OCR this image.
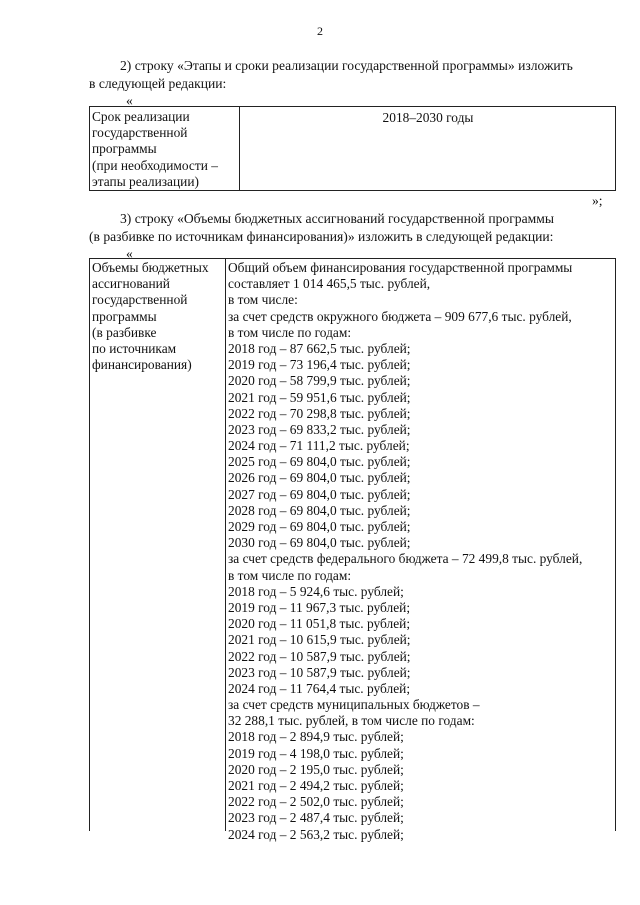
2
2) строку «Этапы и сроки реализации государственной программы» изложить
в следующей редакции:
«
Срок реализации
государственной
программы
(при необходимости –
этапы реализации)
2018–2030 годы
»;
3) строку «Объемы бюджетных ассигнований государственной программы
(в разбивке по источникам финансирования)» изложить в следующей редакции:
«
Объемы бюджетных
ассигнований
государственной
программы
(в разбивке
по источникам
финансирования)
Общий объем финансирования государственной программы
составляет 1 014 465,5 тыс. рублей,
в том числе:
за счет средств окружного бюджета – 909 677,6 тыс. рублей,
в том числе по годам:
2018 год – 87 662,5 тыс. рублей;
2019 год – 73 196,4 тыс. рублей;
2020 год – 58 799,9 тыс. рублей;
2021 год – 59 951,6 тыс. рублей;
2022 год – 70 298,8 тыс. рублей;
2023 год – 69 833,2 тыс. рублей;
2024 год – 71 111,2 тыс. рублей;
2025 год – 69 804,0 тыс. рублей;
2026 год – 69 804,0 тыс. рублей;
2027 год – 69 804,0 тыс. рублей;
2028 год – 69 804,0 тыс. рублей;
2029 год – 69 804,0 тыс. рублей;
2030 год – 69 804,0 тыс. рублей;
за счет средств федерального бюджета – 72 499,8 тыс. рублей,
в том числе по годам:
2018 год – 5 924,6 тыс. рублей;
2019 год – 11 967,3 тыс. рублей;
2020 год – 11 051,8 тыс. рублей;
2021 год – 10 615,9 тыс. рублей;
2022 год – 10 587,9 тыс. рублей;
2023 год – 10 587,9 тыс. рублей;
2024 год – 11 764,4 тыс. рублей;
за счет средств муниципальных бюджетов –
32 288,1 тыс. рублей, в том числе по годам:
2018 год – 2 894,9 тыс. рублей;
2019 год – 4 198,0 тыс. рублей;
2020 год – 2 195,0 тыс. рублей;
2021 год – 2 494,2 тыс. рублей;
2022 год – 2 502,0 тыс. рублей;
2023 год – 2 487,4 тыс. рублей;
2024 год – 2 563,2 тыс. рублей;
